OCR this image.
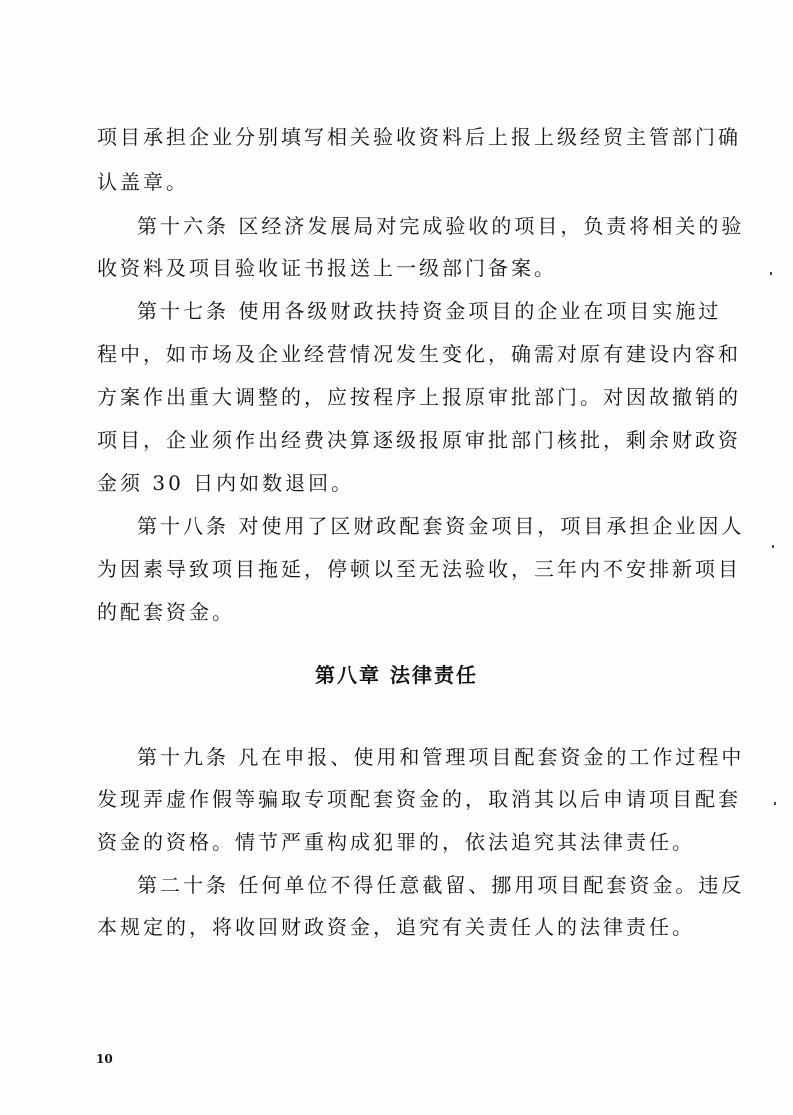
项目承担企业分别填写相关验收资料后上报上级经贸主管部门确
认盖章。
第十六条 区经济发展局对完成验收的项目，负责将相关的验
收资料及项目验收证书报送上一级部门备案。
第十七条 使用各级财政扶持资金项目的企业在项目实施过
程中，如市场及企业经营情况发生变化，确需对原有建设内容和
方案作出重大调整的，应按程序上报原审批部门。对因故撤销的
项目，企业须作出经费决算逐级报原审批部门核批，剩余财政资
金须 30 日内如数退回。
第十八条 对使用了区财政配套资金项目，项目承担企业因人
为因素导致项目拖延，停顿以至无法验收，三年内不安排新项目
的配套资金。
第八章 法律责任
第十九条 凡在申报、使用和管理项目配套资金的工作过程中
发现弄虚作假等骗取专项配套资金的，取消其以后申请项目配套
资金的资格。情节严重构成犯罪的，依法追究其法律责任。
第二十条 任何单位不得任意截留、挪用项目配套资金。违反
本规定的，将收回财政资金，追究有关责任人的法律责任。
10
